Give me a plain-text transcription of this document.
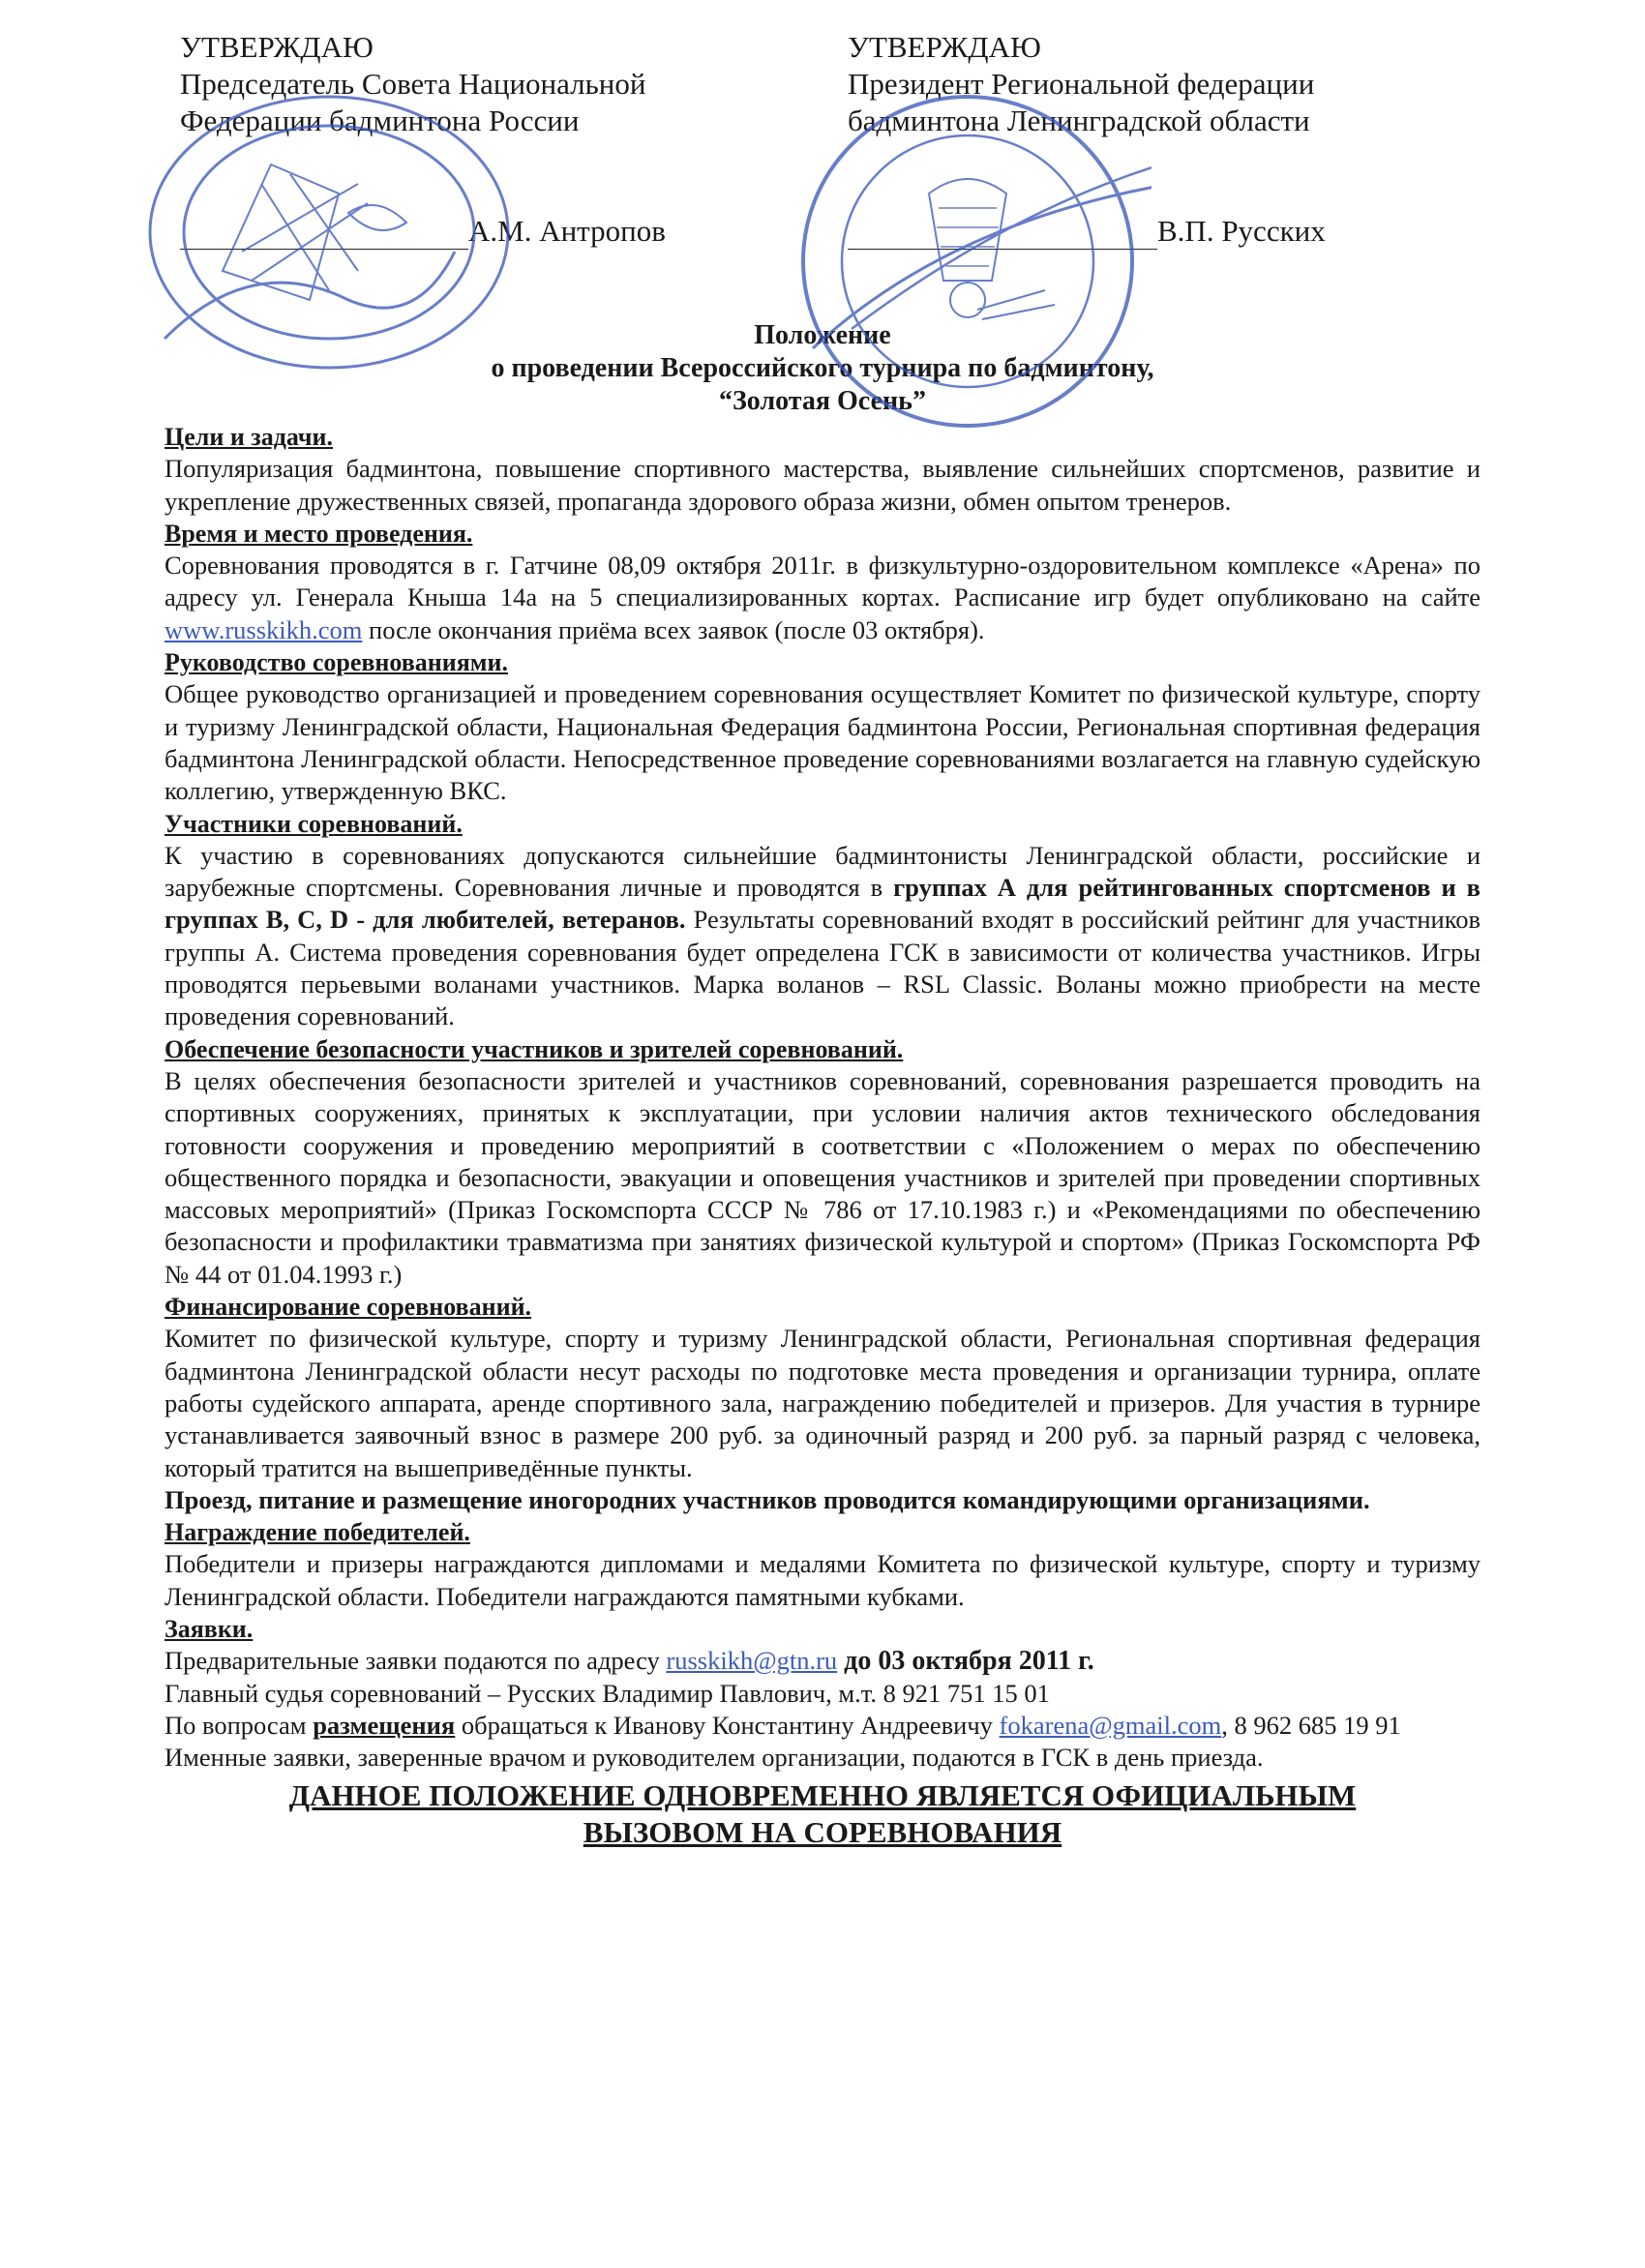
УТВЕРЖДАЮ
Председатель Совета Национальной
Федерации бадминтона России
А.М. Антропов
УТВЕРЖДАЮ
Президент Региональной федерации
бадминтона Ленинградской области
В.П. Русских
Положение
о проведении Всероссийского турнира по бадминтону,
“Золотая Осень”

Цели и задачи.

Популяризация бадминтона, повышение спортивного мастерства, выявление сильнейших спортсменов, развитие и укрепление дружественных связей, пропаганда здорового образа жизни, обмен опытом тренеров.

Время и место проведения.

Соревнования проводятся в г. Гатчине 08,09 октября 2011г. в физкультурно-оздоровительном комплексе «Арена» по адресу ул. Генерала Кныша 14а на 5 специализированных кортах. Расписание игр будет опубликовано на сайте www.russkikh.com после окончания приёма всех заявок (после 03 октября).

Руководство соревнованиями.

Общее руководство организацией и проведением соревнования осуществляет Комитет по физической культуре, спорту и туризму Ленинградской области, Национальная Федерация бадминтона России, Региональная спортивная федерация бадминтона Ленинградской области. Непосредственное проведение соревнованиями возлагается на главную судейскую коллегию, утвержденную ВКС.

Участники соревнований.

К участию в соревнованиях допускаются сильнейшие бадминтонисты Ленинградской области, российские и зарубежные спортсмены. Соревнования личные и проводятся в группах А для рейтингованных спортсменов и в группах B, C, D - для любителей, ветеранов. Результаты соревнований входят в российский рейтинг для участников группы А. Система проведения соревнования будет определена ГСК в зависимости от количества участников. Игры проводятся перьевыми воланами участников. Марка воланов – RSL Classic. Воланы можно приобрести на месте проведения соревнований.

Обеспечение безопасности участников и зрителей соревнований.

В целях обеспечения безопасности зрителей и участников соревнований, соревнования разрешается проводить на спортивных сооружениях, принятых к эксплуатации, при условии наличия актов технического обследования готовности сооружения и проведению мероприятий в соответствии с «Положением о мерах по обеспечению общественного порядка и безопасности, эвакуации и оповещения участников и зрителей при проведении спортивных массовых мероприятий» (Приказ Госкомспорта СССР № 786 от 17.10.1983 г.) и «Рекомендациями по обеспечению безопасности и профилактики травматизма при занятиях физической культурой и спортом» (Приказ Госкомспорта РФ № 44 от 01.04.1993 г.)

Финансирование соревнований.

Комитет по физической культуре, спорту и туризму Ленинградской области, Региональная спортивная федерация бадминтона Ленинградской области несут расходы по подготовке места проведения и организации турнира, оплате работы судейского аппарата, аренде спортивного зала, награждению победителей и призеров. Для участия в турнире устанавливается заявочный взнос в размере 200 руб. за одиночный разряд и 200 руб. за парный разряд с человека, который тратится на вышеприведённые пункты.

Проезд, питание и размещение иногородних участников проводится командирующими организациями.

Награждение победителей.

Победители и призеры награждаются дипломами и медалями Комитета по физической культуре, спорту и туризму Ленинградской области. Победители награждаются памятными кубками.

Заявки.

Предварительные заявки подаются по адресу russkikh@gtn.ru до 03 октября 2011 г.

Главный судья соревнований – Русских Владимир Павлович, м.т. 8 921 751 15 01

По вопросам размещения обращаться к Иванову Константину Андреевичу fokarena@gmail.com, 8 962 685 19 91

Именные заявки, заверенные врачом и руководителем организации, подаются в ГСК в день приезда.

ДАННОЕ ПОЛОЖЕНИЕ ОДНОВРЕМЕННО ЯВЛЯЕТСЯ ОФИЦИАЛЬНЫМ
ВЫЗОВОМ НА СОРЕВНОВАНИЯ
